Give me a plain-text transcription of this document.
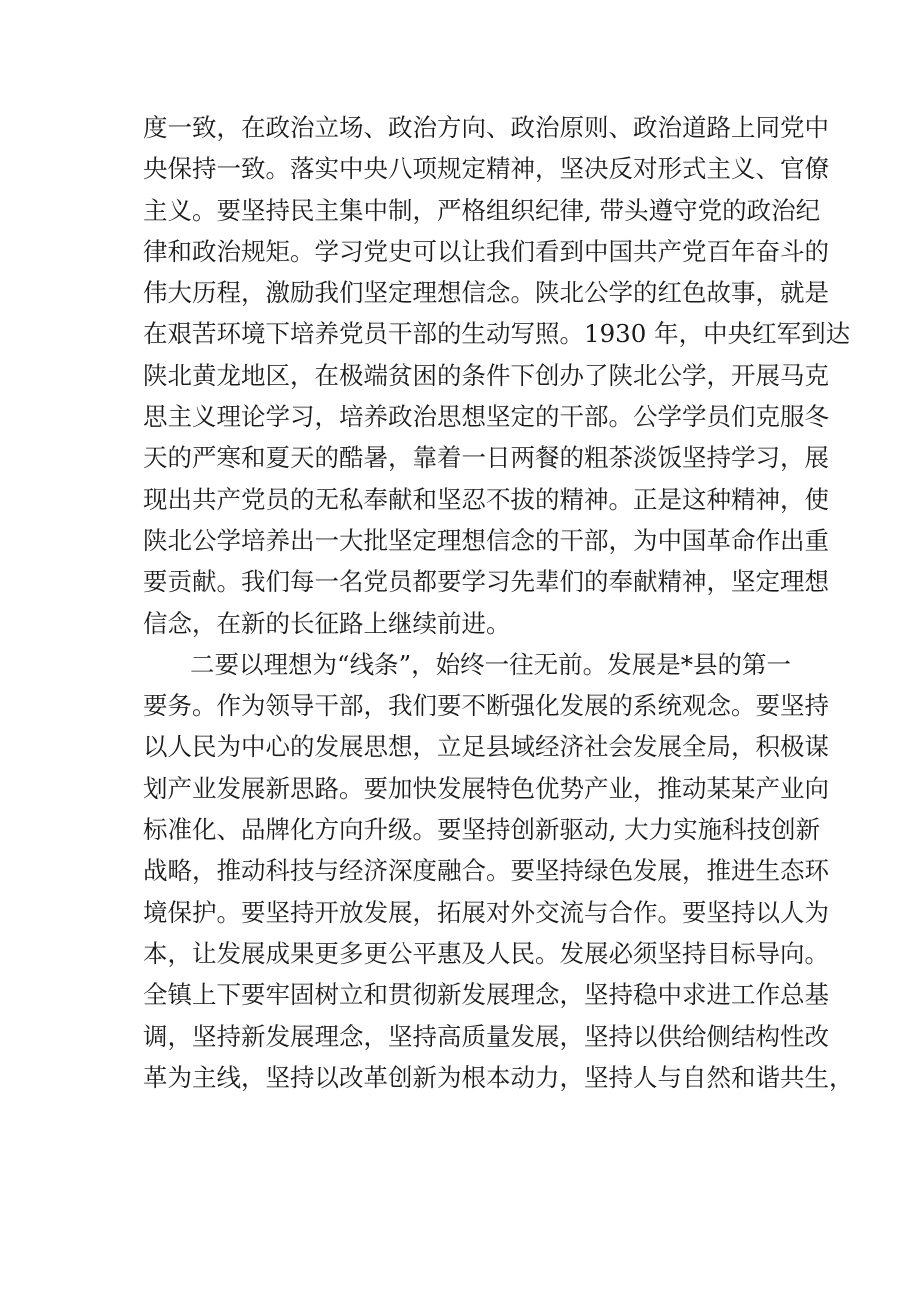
度一致，在政治立场、政治方向、政治原则、政治道路上同党中
央保持一致。落实中央八项规定精神，坚决反对形式主义、官僚
主义。要坚持民主集中制，严格组织纪律, 带头遵守党的政治纪
律和政治规矩。学习党史可以让我们看到中国共产党百年奋斗的
伟大历程，激励我们坚定理想信念。陕北公学的红色故事，就是
在艰苦环境下培养党员干部的生动写照。1930 年，中央红军到达
陕北黄龙地区，在极端贫困的条件下创办了陕北公学，开展马克
思主义理论学习，培养政治思想坚定的干部。公学学员们克服冬
天的严寒和夏天的酷暑，靠着一日两餐的粗茶淡饭坚持学习，展
现出共产党员的无私奉献和坚忍不拔的精神。正是这种精神，使
陕北公学培养出一大批坚定理想信念的干部，为中国革命作出重
要贡献。我们每一名党员都要学习先辈们的奉献精神，坚定理想
信念，在新的长征路上继续前进。
二要以理想为“线条”，始终一往无前。发展是*县的第一
要务。作为领导干部，我们要不断强化发展的系统观念。要坚持
以人民为中心的发展思想，立足县域经济社会发展全局，积极谋
划产业发展新思路。要加快发展特色优势产业，推动某某产业向
标准化、品牌化方向升级。要坚持创新驱动, 大力实施科技创新
战略，推动科技与经济深度融合。要坚持绿色发展，推进生态环
境保护。要坚持开放发展，拓展对外交流与合作。要坚持以人为
本，让发展成果更多更公平惠及人民。发展必须坚持目标导向。
全镇上下要牢固树立和贯彻新发展理念，坚持稳中求进工作总基
调，坚持新发展理念，坚持高质量发展，坚持以供给侧结构性改
革为主线，坚持以改革创新为根本动力，坚持人与自然和谐共生，
